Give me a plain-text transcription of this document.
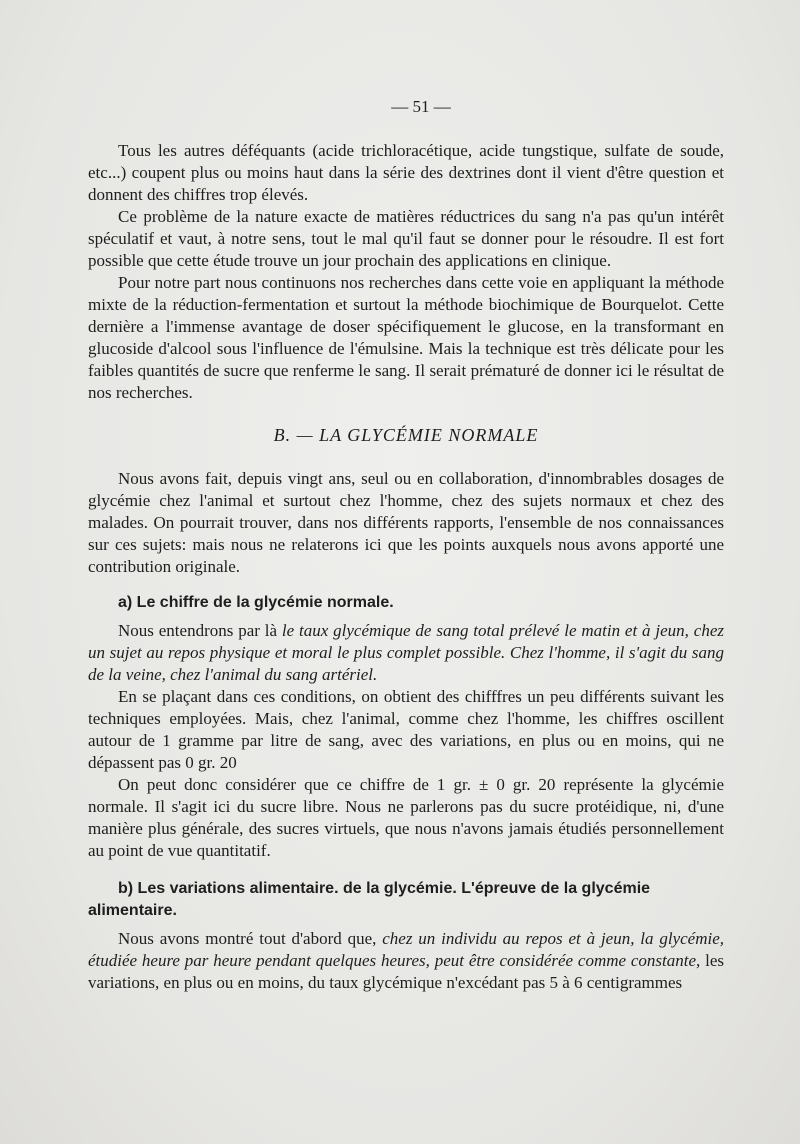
— 51 —

Tous les autres déféquants (acide trichloracétique, acide tungstique, sulfate de soude, etc...) coupent plus ou moins haut dans la série des dextrines dont il vient d'être question et donnent des chiffres trop élevés.

Ce problème de la nature exacte de matières réductrices du sang n'a pas qu'un intérêt spéculatif et vaut, à notre sens, tout le mal qu'il faut se donner pour le résoudre. Il est fort possible que cette étude trouve un jour prochain des applications en clinique.

Pour notre part nous continuons nos recherches dans cette voie en appliquant la méthode mixte de la réduction-fermentation et surtout la méthode biochimique de Bourquelot. Cette dernière a l'immense avantage de doser spécifiquement le glucose, en la transformant en glucoside d'alcool sous l'influence de l'émulsine. Mais la technique est très délicate pour les faibles quantités de sucre que renferme le sang. Il serait prématuré de donner ici le résultat de nos recherches.

B. — LA GLYCÉMIE NORMALE

Nous avons fait, depuis vingt ans, seul ou en collaboration, d'innombrables dosages de glycémie chez l'animal et surtout chez l'homme, chez des sujets normaux et chez des malades. On pourrait trouver, dans nos différents rapports, l'ensemble de nos connaissances sur ces sujets: mais nous ne relaterons ici que les points auxquels nous avons apporté une contribution originale.

a) Le chiffre de la glycémie normale.

Nous entendrons par là le taux glycémique de sang total prélevé le matin et à jeun, chez un sujet au repos physique et moral le plus complet possible. Chez l'homme, il s'agit du sang de la veine, chez l'animal du sang artériel.

En se plaçant dans ces conditions, on obtient des chifffres un peu différents suivant les techniques employées. Mais, chez l'animal, comme chez l'homme, les chiffres oscillent autour de 1 gramme par litre de sang, avec des variations, en plus ou en moins, qui ne dépassent pas 0 gr. 20

On peut donc considérer que ce chiffre de 1 gr. ± 0 gr. 20 représente la glycémie normale. Il s'agit ici du sucre libre. Nous ne parlerons pas du sucre protéidique, ni, d'une manière plus générale, des sucres virtuels, que nous n'avons jamais étudiés personnellement au point de vue quantitatif.

b) Les variations alimentaire. de la glycémie. L'épreuve de la glycémie alimentaire.

Nous avons montré tout d'abord que, chez un individu au repos et à jeun, la glycémie, étudiée heure par heure pendant quelques heures, peut être considérée comme constante, les variations, en plus ou en moins, du taux glycémique n'excédant pas 5 à 6 centigrammes
